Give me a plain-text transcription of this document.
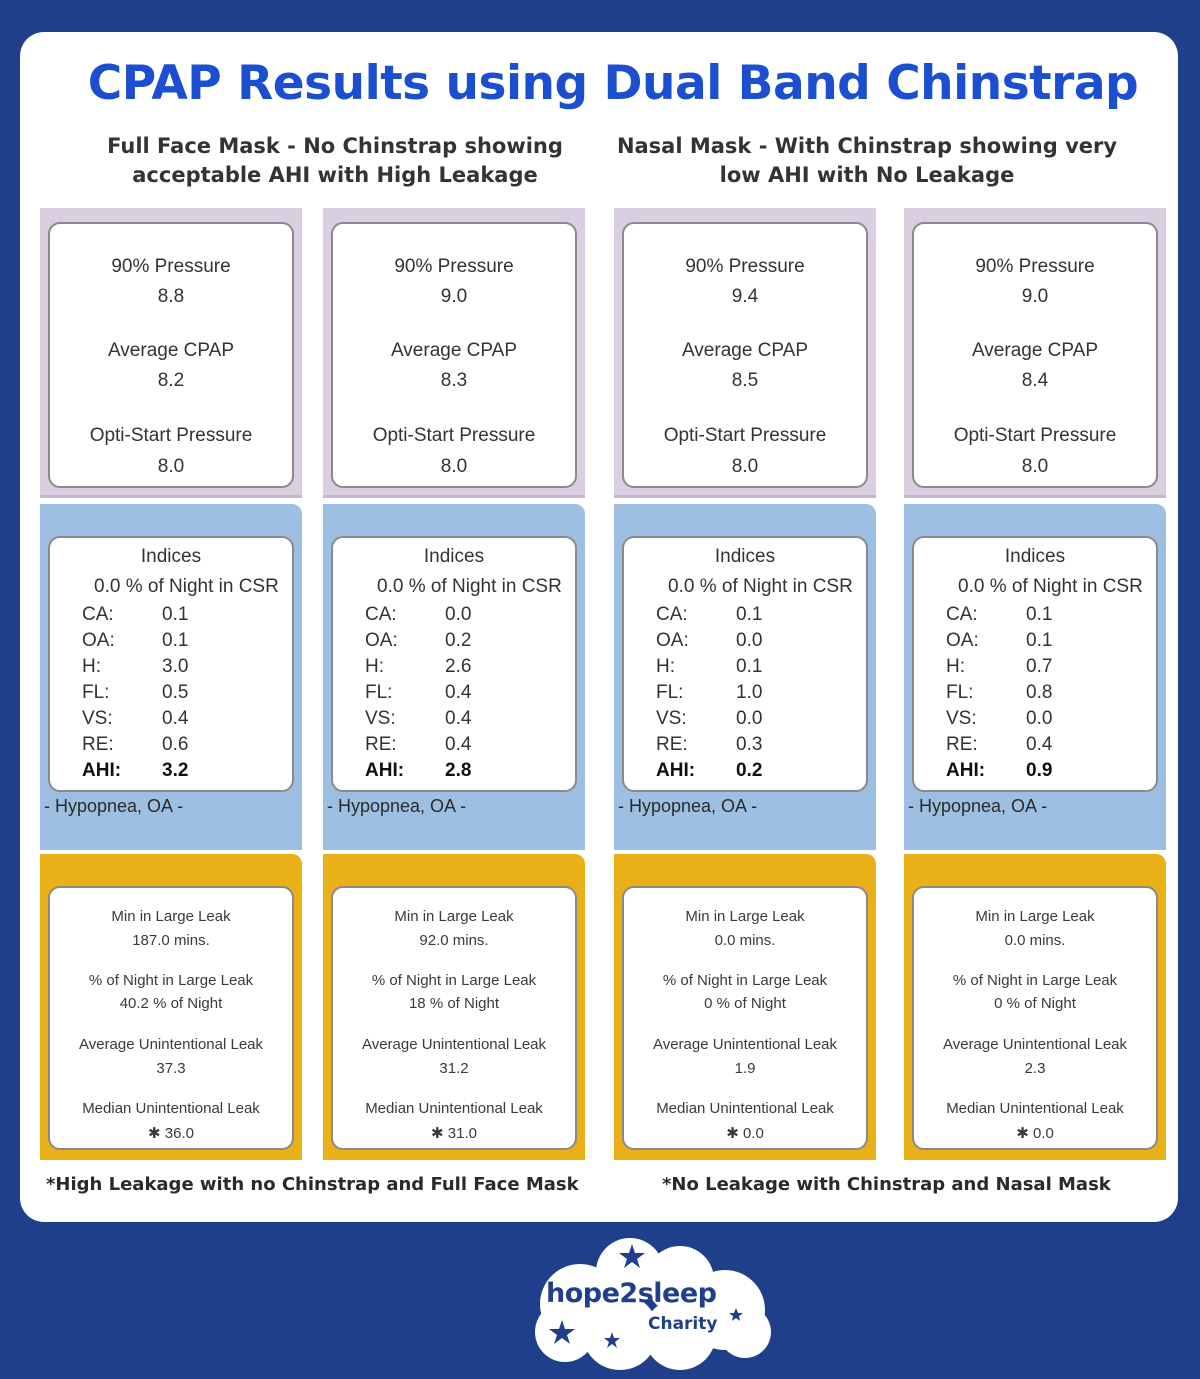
CPAP Results using Dual Band Chinstrap
Full Face Mask - No Chinstrap showing
acceptable AHI with High Leakage
Nasal Mask - With Chinstrap showing very
low AHI with No Leakage
90% Pressure
8.8
Average CPAP
8.2
Opti-Start Pressure
8.0
Indices
0.0 % of Night in CSR
CA:	0.1
OA: 0.1
H:	3.0
FL:	0.5
VS:	0.4
RE:	0.6
AHI: 3.2
- Hypopnea, OA -
Min in Large Leak
187.0 mins.
% of Night in Large Leak
40.2 % of Night
Average Unintentional Leak
37.3
Median Unintentional Leak
✱ 36.0
90% Pressure
9.0
Average CPAP
8.3
Opti-Start Pressure
8.0
Indices
0.0 % of Night in CSR
CA:	0.0
OA: 0.2
H:	2.6
FL:	0.4
VS:	0.4
RE:	0.4
AHI: 2.8
- Hypopnea, OA -
Min in Large Leak
92.0 mins.
% of Night in Large Leak
18 % of Night
Average Unintentional Leak
31.2
Median Unintentional Leak
✱ 31.0
90% Pressure
9.4
Average CPAP
8.5
Opti-Start Pressure
8.0
Indices
0.0 % of Night in CSR
CA:	0.1
OA: 0.0
H:	0.1
FL:	1.0
VS:	0.0
RE:	0.3
AHI: 0.2
- Hypopnea, OA -
Min in Large Leak
0.0 mins.
% of Night in Large Leak
0 % of Night
Average Unintentional Leak
1.9
Median Unintentional Leak
✱ 0.0
90% Pressure
9.0
Average CPAP
8.4
Opti-Start Pressure
8.0
Indices
0.0 % of Night in CSR
CA:	0.1
OA: 0.1
H:	0.7
FL:	0.8
VS:	0.0
RE:	0.4
AHI: 0.9
- Hypopnea, OA -
Min in Large Leak
0.0 mins.
% of Night in Large Leak
0 % of Night
Average Unintentional Leak
2.3
Median Unintentional Leak
✱ 0.0
*High Leakage with no Chinstrap and Full Face Mask	*No Leakage with Chinstrap and Nasal Mask
hope2sleep
Charity
